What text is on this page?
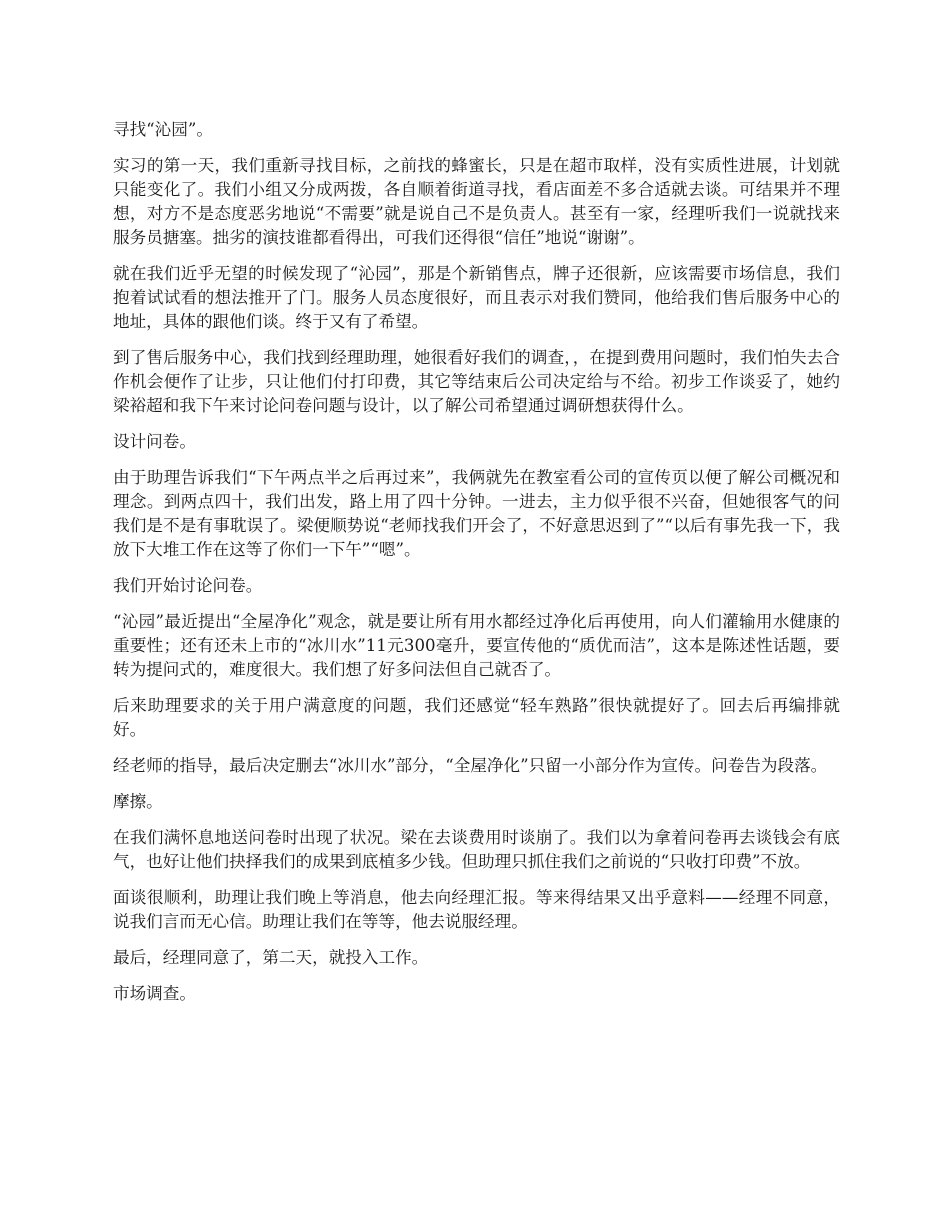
寻找“沁园”。

实习的第一天，我们重新寻找目标，之前找的蜂蜜长，只是在超市取样，没有实质性进展，计划就只能变化了。我们小组又分成两拨，各自顺着街道寻找，看店面差不多合适就去谈。可结果并不理想，对方不是态度恶劣地说“不需要”就是说自己不是负责人。甚至有一家，经理听我们一说就找来服务员搪塞。拙劣的演技谁都看得出，可我们还得很“信任”地说“谢谢”。

就在我们近乎无望的时候发现了“沁园”，那是个新销售点，牌子还很新，应该需要市场信息，我们抱着试试看的想法推开了门。服务人员态度很好，而且表示对我们赞同，他给我们售后服务中心的地址，具体的跟他们谈。终于又有了希望。

到了售后服务中心，我们找到经理助理，她很看好我们的调查，，在提到费用问题时，我们怕失去合作机会便作了让步，只让他们付打印费，其它等结束后公司决定给与不给。初步工作谈妥了，她约梁裕超和我下午来讨论问卷问题与设计，以了解公司希望通过调研想获得什么。

设计问卷。

由于助理告诉我们“下午两点半之后再过来”，我俩就先在教室看公司的宣传页以便了解公司概况和理念。到两点四十，我们出发，路上用了四十分钟。一进去，主力似乎很不兴奋，但她很客气的问我们是不是有事耽误了。梁便顺势说“老师找我们开会了，不好意思迟到了”“以后有事先我一下，我放下大堆工作在这等了你们一下午”“嗯”。

我们开始讨论问卷。

“沁园”最近提出“全屋净化”观念，就是要让所有用水都经过净化后再使用，向人们灌输用水健康的重要性；还有还未上市的“冰川水”11元300毫升，要宣传他的“质优而洁”，这本是陈述性话题，要转为提问式的，难度很大。我们想了好多问法但自己就否了。

后来助理要求的关于用户满意度的问题，我们还感觉“轻车熟路”很快就提好了。回去后再编排就好。

经老师的指导，最后决定删去“冰川水”部分，“全屋净化”只留一小部分作为宣传。问卷告为段落。

摩擦。

在我们满怀息地送问卷时出现了状况。梁在去谈费用时谈崩了。我们以为拿着问卷再去谈钱会有底气，也好让他们抉择我们的成果到底植多少钱。但助理只抓住我们之前说的“只收打印费”不放。

面谈很顺利，助理让我们晚上等消息，他去向经理汇报。等来得结果又出乎意料——经理不同意，说我们言而无心信。助理让我们在等等，他去说服经理。

最后，经理同意了，第二天，就投入工作。

市场调查。
